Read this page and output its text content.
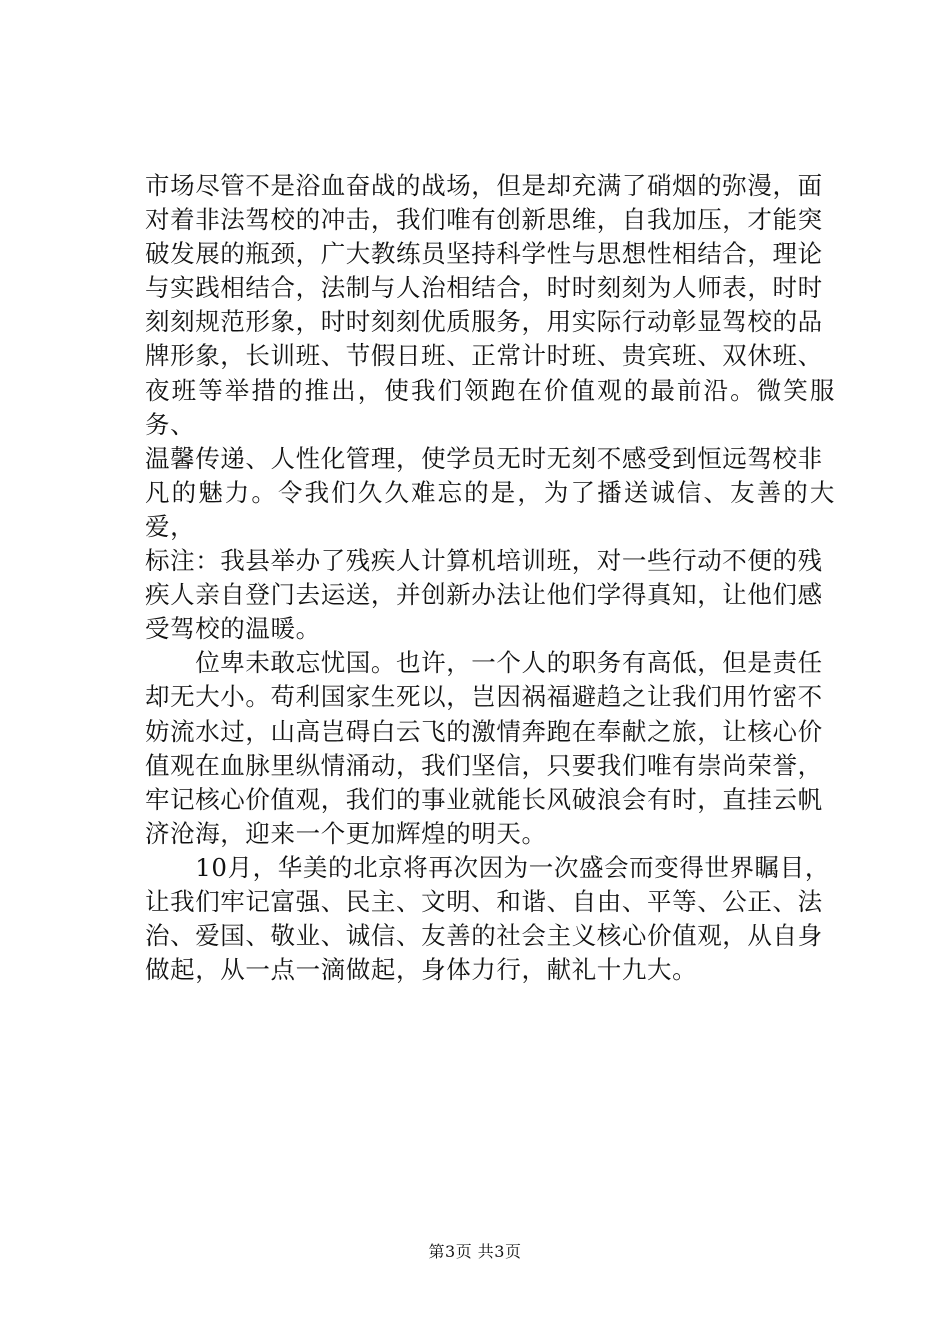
市场尽管不是浴血奋战的战场，但是却充满了硝烟的弥漫，面
对着非法驾校的冲击，我们唯有创新思维，自我加压，才能突
破发展的瓶颈，广大教练员坚持科学性与思想性相结合，理论
与实践相结合，法制与人治相结合，时时刻刻为人师表，时时
刻刻规范形象，时时刻刻优质服务，用实际行动彰显驾校的品
牌形象，长训班、节假日班、正常计时班、贵宾班、双休班、
夜班等举措的推出，使我们领跑在价值观的最前沿。微笑服务、
温馨传递、人性化管理，使学员无时无刻不感受到恒远驾校非
凡的魅力。令我们久久难忘的是，为了播送诚信、友善的大爱，
标注：我县举办了残疾人计算机培训班，对一些行动不便的残
疾人亲自登门去运送，并创新办法让他们学得真知，让他们感
受驾校的温暖。

　　位卑未敢忘忧国。也许，一个人的职务有高低，但是责任
却无大小。苟利国家生死以，岂因祸福避趋之让我们用竹密不
妨流水过，山高岂碍白云飞的激情奔跑在奉献之旅，让核心价
值观在血脉里纵情涌动，我们坚信，只要我们唯有崇尚荣誉，
牢记核心价值观，我们的事业就能长风破浪会有时，直挂云帆
济沧海，迎来一个更加辉煌的明天。

　　10月，华美的北京将再次因为一次盛会而变得世界瞩目，
让我们牢记富强、民主、文明、和谐、自由、平等、公正、法
治、爱国、敬业、诚信、友善的社会主义核心价值观，从自身
做起，从一点一滴做起，身体力行，献礼十九大。

第3页 共3页
